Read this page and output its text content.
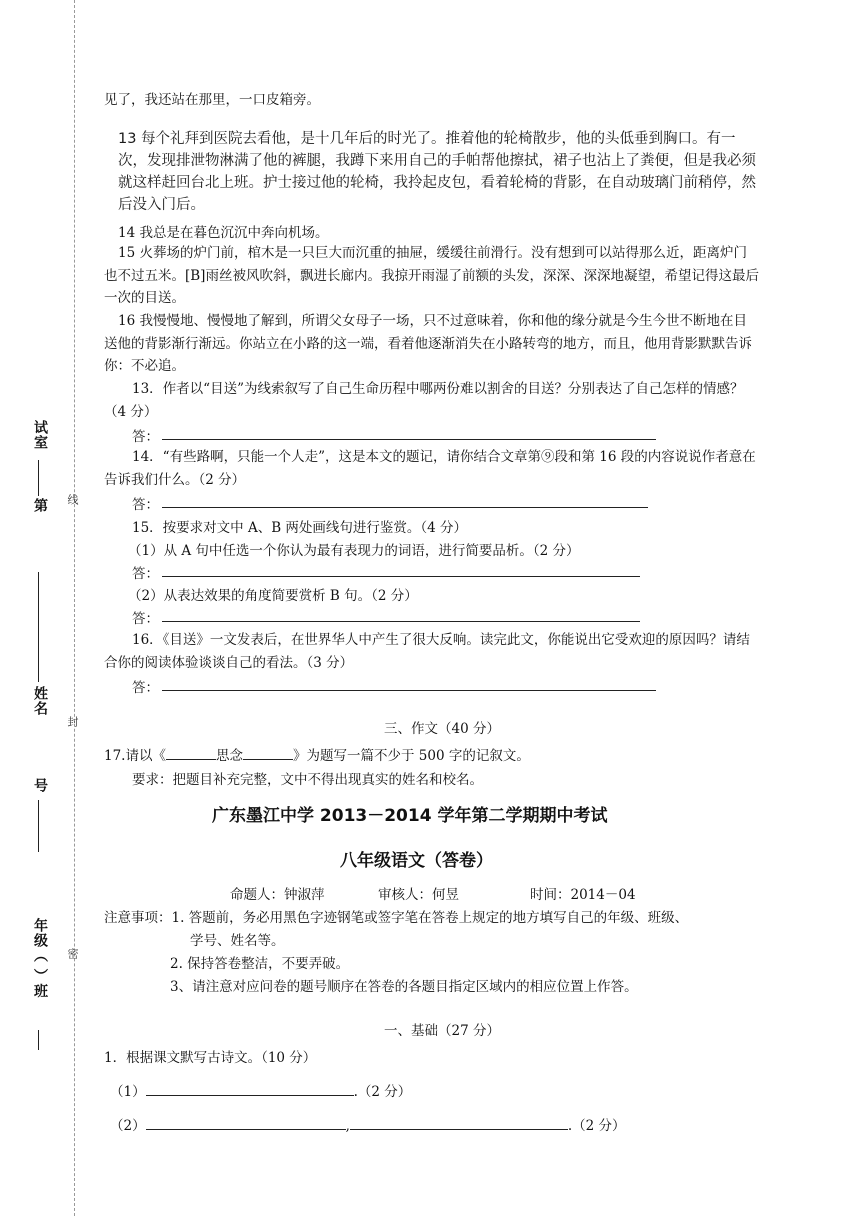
试室
第 线
姓名
封
号
年级（ ）班 密
见了，我还站在那里，一口皮箱旁。
13 每个礼拜到医院去看他，是十几年后的时光了。推着他的轮椅散步，他的头低垂到胸口。有一次，发现排泄物淋满了他的裤腿，我蹲下来用自己的手帕帮他擦拭，裙子也沾上了粪便，但是我必须就这样赶回台北上班。护士接过他的轮椅，我拎起皮包，看着轮椅的背影，在自动玻璃门前稍停，然后没入门后。
14 我总是在暮色沉沉中奔向机场。
15 火葬场的炉门前，棺木是一只巨大而沉重的抽屉，缓缓往前滑行。没有想到可以站得那么近，距离炉门也不过五米。[B]雨丝被风吹斜，飘进长廊内。我掠开雨湿了前额的头发，深深、深深地凝望，希望记得这最后一次的目送。
16 我慢慢地、慢慢地了解到，所谓父女母子一场，只不过意味着，你和他的缘分就是今生今世不断地在目送他的背影渐行渐远。你站立在小路的这一端，看着他逐渐消失在小路转弯的地方，而且，他用背影默默告诉你：不必追。
13．作者以“目送”为线索叙写了自己生命历程中哪两份难以割舍的目送？分别表达了自己怎样的情感？（4 分）
答：
14．“有些路啊，只能一个人走”，这是本文的题记，请你结合文章第⑨段和第 16 段的内容说说作者意在告诉我们什么。（2 分）
答：
15．按要求对文中 A、B 两处画线句进行鉴赏。（4 分）
（1）从 A 句中任选一个你认为最有表现力的词语，进行简要品析。（2 分）
答：
（2）从表达效果的角度简要赏析 B 句。（2 分）
答：
16．《目送》一文发表后，在世界华人中产生了很大反响。读完此文，你能说出它受欢迎的原因吗？请结合你的阅读体验谈谈自己的看法。（3 分）
答：
三、作文（40 分）
17.请以《	思念	》为题写一篇不少于 500 字的记叙文。
要求：把题目补充完整，文中不得出现真实的姓名和校名。
广东墨江中学 2013－2014 学年第二学期期中考试
八年级语文（答卷）
命题人：钟淑萍	审核人：何昱	时间：2014－04
注意事项：1. 答题前，务必用黑色字迹钢笔或签字笔在答卷上规定的地方填写自己的年级、班级、
学号、姓名等。
2. 保持答卷整洁，不要弄破。
3、请注意对应问卷的题号顺序在答卷的各题目指定区域内的相应位置上作答。
一、基础（27 分）
1．根据课文默写古诗文。（10 分）
（1）	.（2 分）
（2）	,	.（2 分）
